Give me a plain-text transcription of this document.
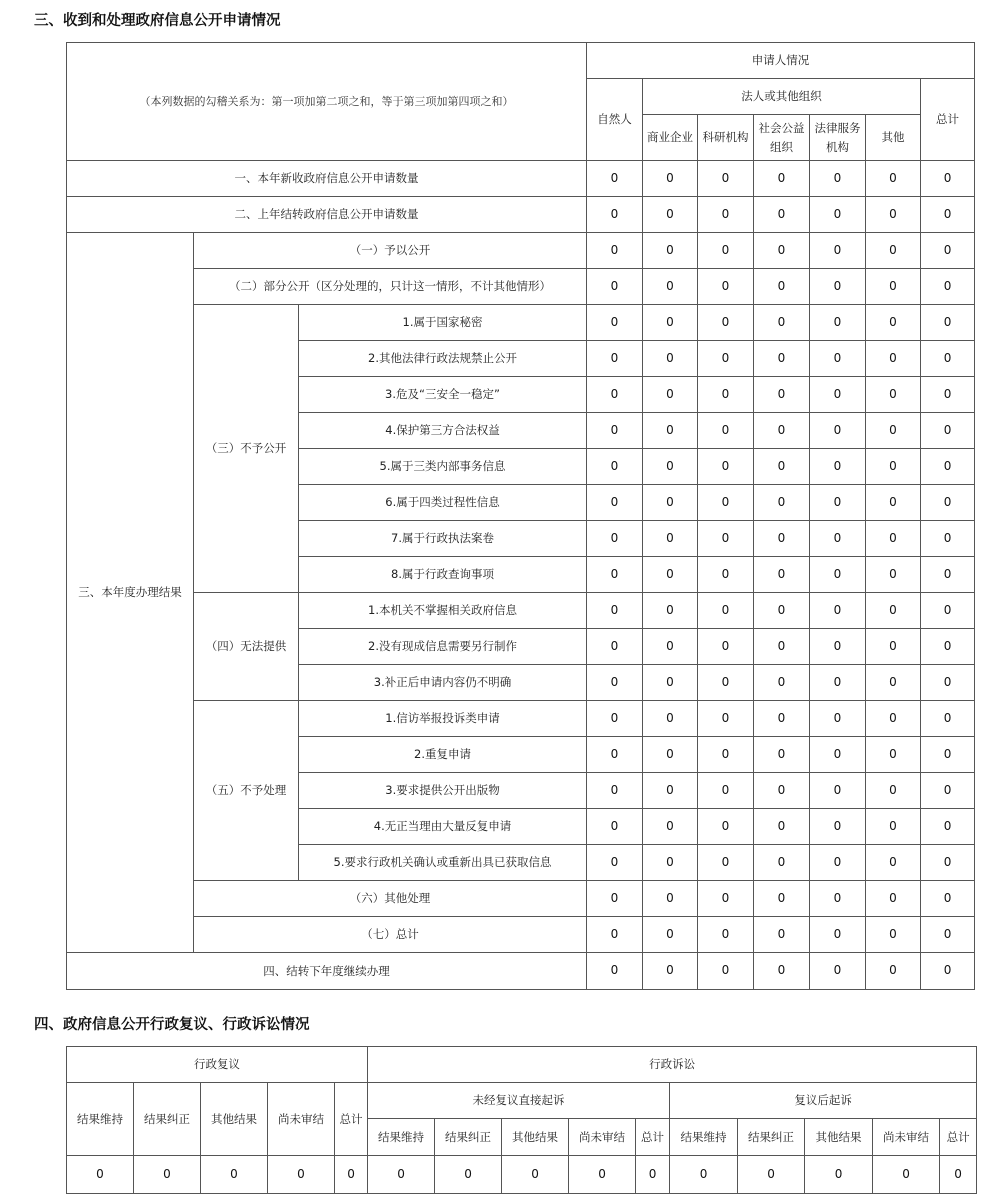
三、收到和处理政府信息公开申请情况
（本列数据的勾稽关系为：第一项加第二项之和，等于第三项加第四项之和）			申请人情况						
			自然人	法人或其他组织					总计
				商业企业	科研机构	社会公益组织	法律服务机构	其他	
一、本年新收政府信息公开申请数量			0	0	0	0	0	0	0
二、上年结转政府信息公开申请数量			0	0	0	0	0	0	0
三、本年度办理结果	（一）予以公开		0	0	0	0	0	0	0
	（二）部分公开（区分处理的，只计这一情形，不计其他情形）		0	0	0	0	0	0	0
	（三）不予公开	1.属于国家秘密	0	0	0	0	0	0	0
		2.其他法律行政法规禁止公开	0	0	0	0	0	0	0
		3.危及“三安全一稳定”	0	0	0	0	0	0	0
		4.保护第三方合法权益	0	0	0	0	0	0	0
		5.属于三类内部事务信息	0	0	0	0	0	0	0
		6.属于四类过程性信息	0	0	0	0	0	0	0
		7.属于行政执法案卷	0	0	0	0	0	0	0
		8.属于行政查询事项	0	0	0	0	0	0	0
	（四）无法提供	1.本机关不掌握相关政府信息	0	0	0	0	0	0	0
		2.没有现成信息需要另行制作	0	0	0	0	0	0	0
		3.补正后申请内容仍不明确	0	0	0	0	0	0	0
	（五）不予处理	1.信访举报投诉类申请	0	0	0	0	0	0	0
		2.重复申请	0	0	0	0	0	0	0
		3.要求提供公开出版物	0	0	0	0	0	0	0
		4.无正当理由大量反复申请	0	0	0	0	0	0	0
		5.要求行政机关确认或重新出具已获取信息	0	0	0	0	0	0	0
	（六）其他处理		0	0	0	0	0	0	0
	（七）总计		0	0	0	0	0	0	0
四、结转下年度继续办理			0	0	0	0	0	0	0
四、政府信息公开行政复议、行政诉讼情况
行政复议					行政诉讼									
结果维持	结果纠正	其他结果	尚未审结	总计	未经复议直接起诉					复议后起诉				
					结果维持	结果纠正	其他结果	尚未审结	总计	结果维持	结果纠正	其他结果	尚未审结	总计
0	0	0	0	0	0	0	0	0	0	0	0	0	0	0
